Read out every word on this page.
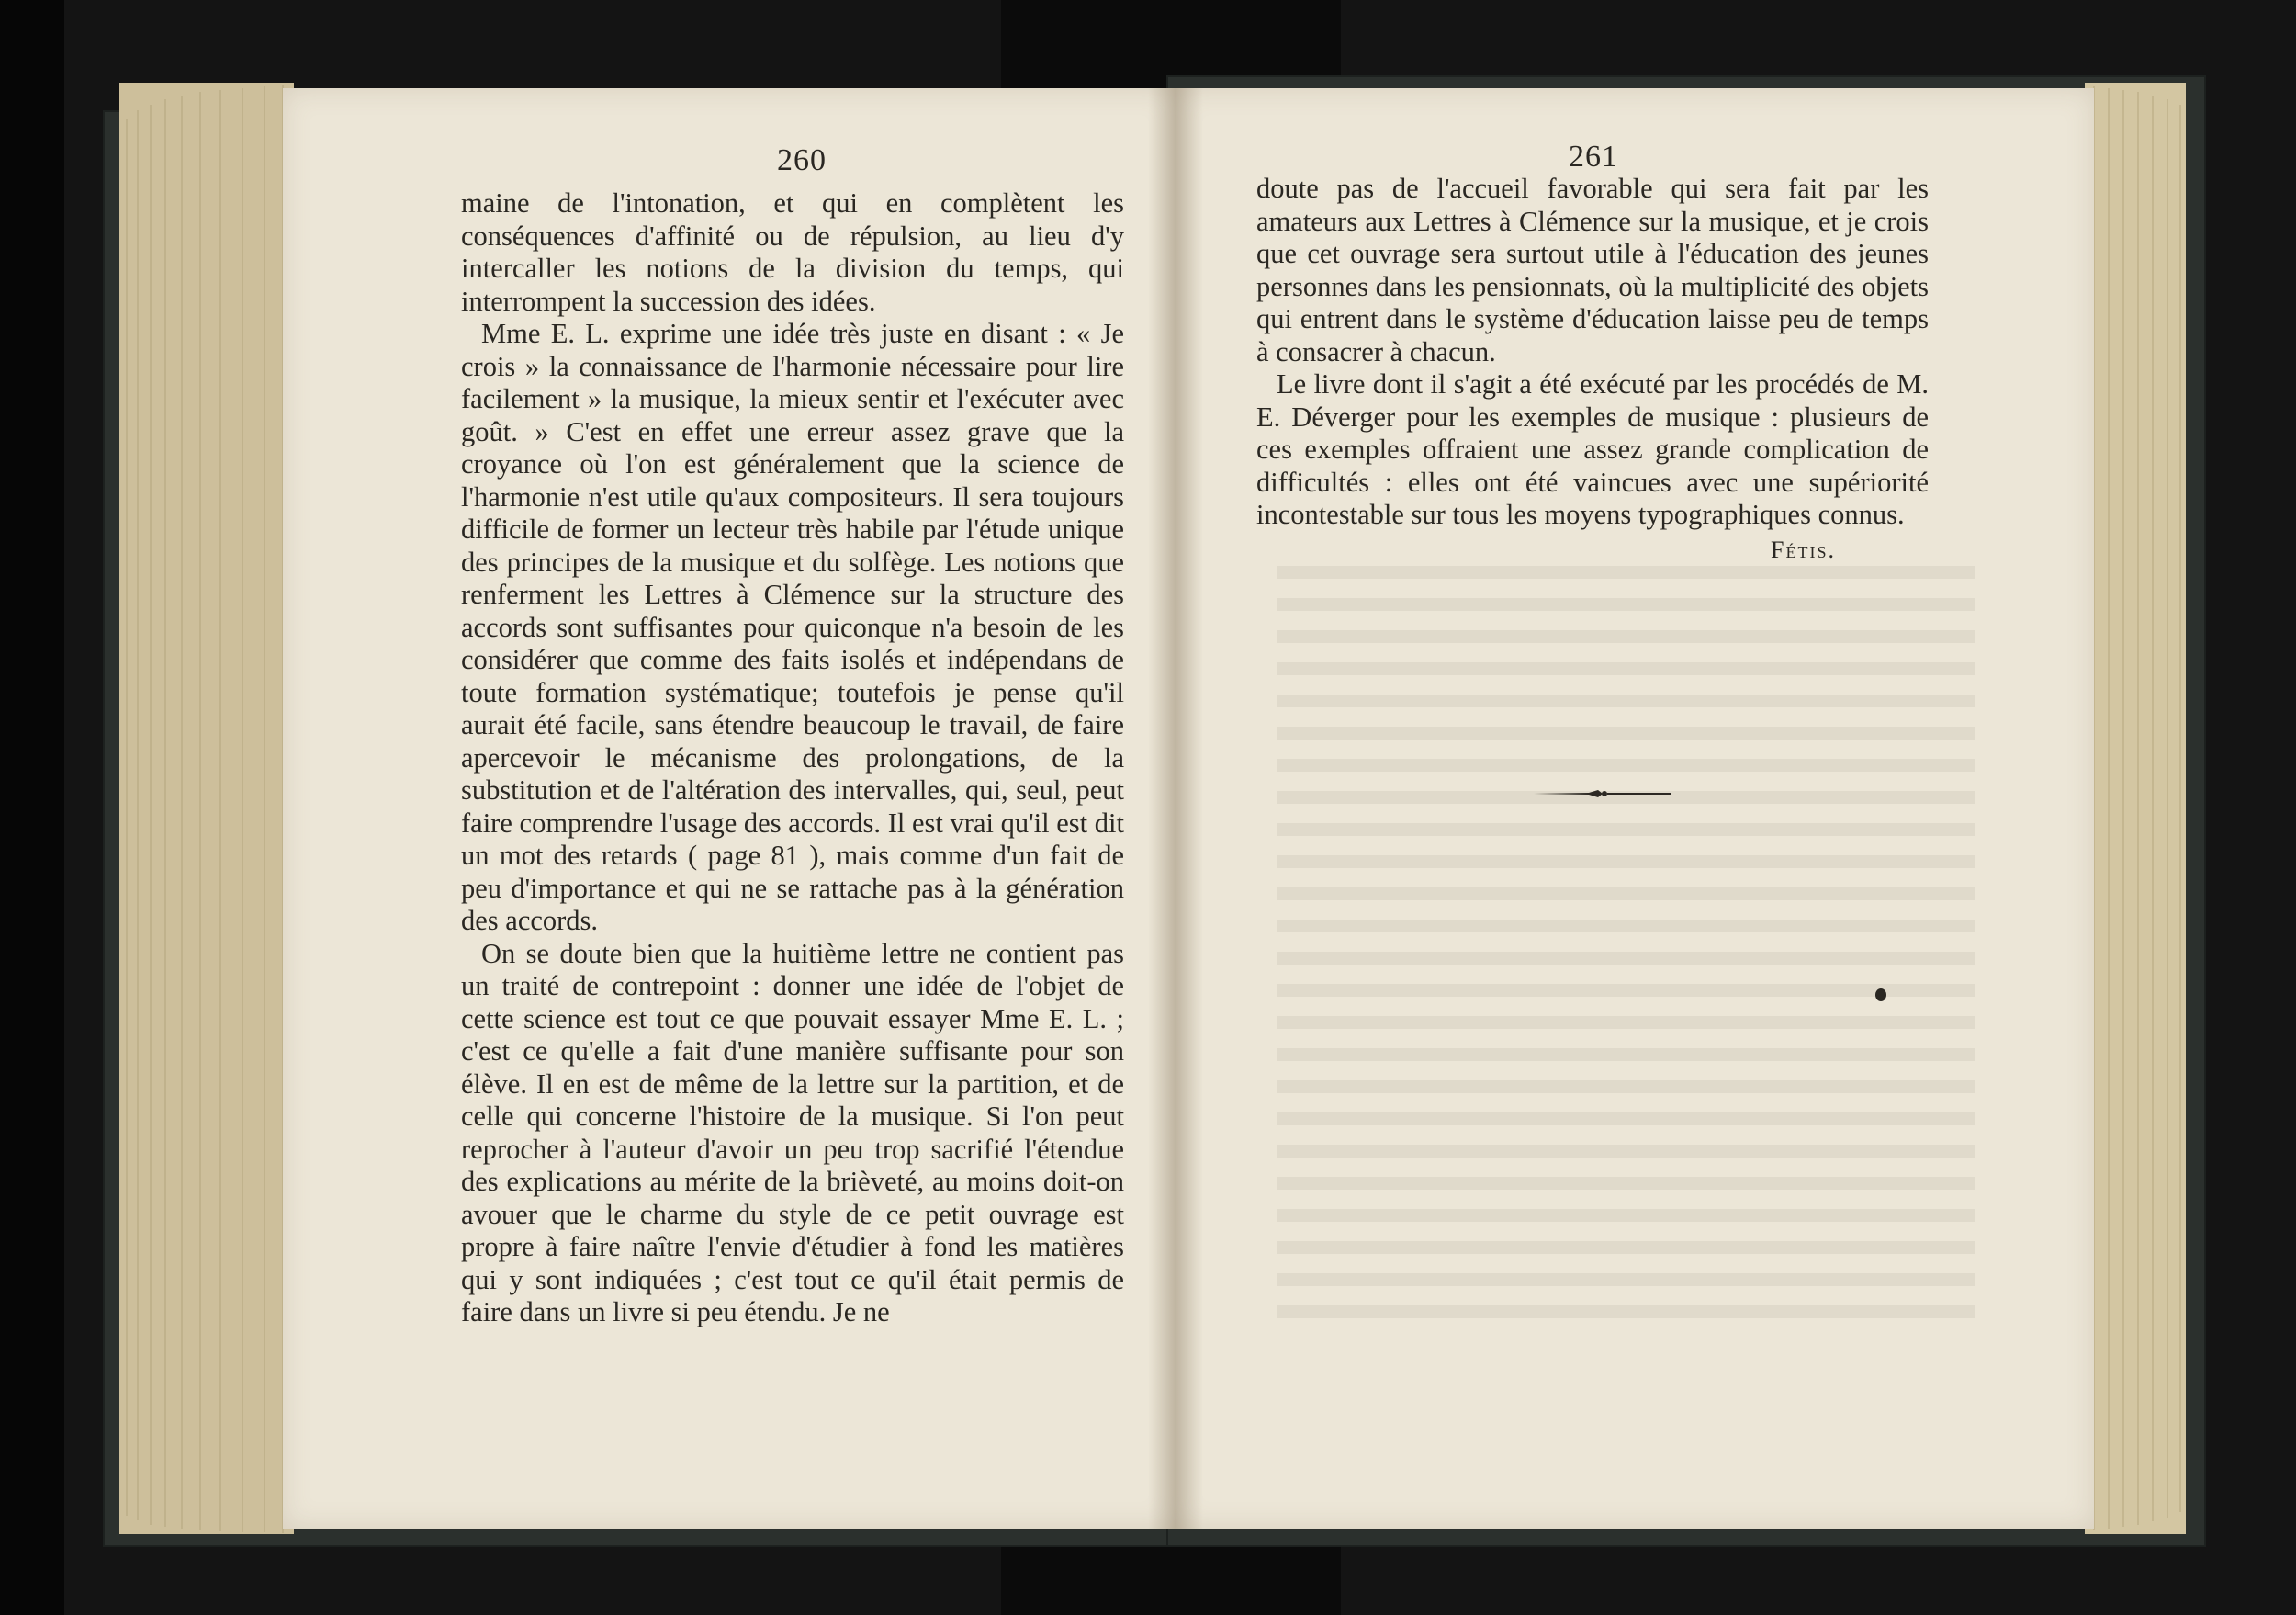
260

maine de l'intonation, et qui en complètent les conséquences d'affinité ou de répulsion, au lieu d'y intercaller les notions de la division du temps, qui interrompent la succession des idées.

Mme E. L. exprime une idée très juste en disant : « Je crois » la connaissance de l'harmonie nécessaire pour lire facilement » la musique, la mieux sentir et l'exécuter avec goût. » C'est en effet une erreur assez grave que la croyance où l'on est généralement que la science de l'harmonie n'est utile qu'aux compositeurs. Il sera toujours difficile de former un lecteur très habile par l'étude unique des principes de la musique et du solfège. Les notions que renferment les Lettres à Clémence sur la structure des accords sont suffisantes pour quiconque n'a besoin de les considérer que comme des faits isolés et indépendans de toute formation systématique; toutefois je pense qu'il aurait été facile, sans étendre beaucoup le travail, de faire apercevoir le mécanisme des prolongations, de la substitution et de l'altération des intervalles, qui, seul, peut faire comprendre l'usage des accords. Il est vrai qu'il est dit un mot des retards ( page 81 ), mais comme d'un fait de peu d'importance et qui ne se rattache pas à la génération des accords.

On se doute bien que la huitième lettre ne contient pas un traité de contrepoint : donner une idée de l'objet de cette science est tout ce que pouvait essayer Mme E. L. ; c'est ce qu'elle a fait d'une manière suffisante pour son élève. Il en est de même de la lettre sur la partition, et de celle qui concerne l'histoire de la musique. Si l'on peut reprocher à l'auteur d'avoir un peu trop sacrifié l'étendue des explications au mérite de la brièveté, au moins doit-on avouer que le charme du style de ce petit ouvrage est propre à faire naître l'envie d'étudier à fond les matières qui y sont indiquées ; c'est tout ce qu'il était permis de faire dans un livre si peu étendu. Je ne

261

doute pas de l'accueil favorable qui sera fait par les amateurs aux Lettres à Clémence sur la musique, et je crois que cet ouvrage sera surtout utile à l'éducation des jeunes personnes dans les pensionnats, où la multiplicité des objets qui entrent dans le système d'éducation laisse peu de temps à consacrer à chacun.

Le livre dont il s'agit a été exécuté par les procédés de M. E. Déverger pour les exemples de musique : plusieurs de ces exemples offraient une assez grande complication de difficultés : elles ont été vaincues avec une supériorité incontestable sur tous les moyens typographiques connus.

Fétis.
